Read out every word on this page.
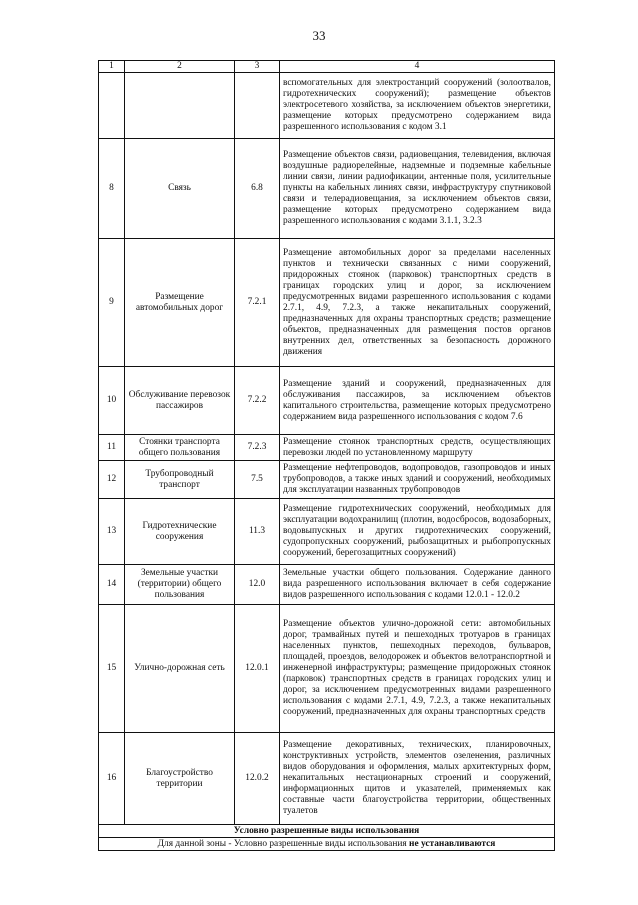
33
1	2	3	4
			вспомогательных для электростанций сооружений (золоотвалов, гидротехнических сооружений); размещение объектов электросетевого хозяйства, за исключением объектов энергетики, размещение которых предусмотрено содержанием вида разрешенного использования с кодом 3.1
8	Связь	6.8	Размещение объектов связи, радиовещания, телевидения, включая воздушные радиорелейные, надземные и подземные кабельные линии связи, линии радиофикации, антенные поля, усилительные пункты на кабельных линиях связи, инфраструктуру спутниковой связи и телерадиовещания, за исключением объектов связи, размещение которых предусмотрено содержанием вида разрешенного использования с кодами 3.1.1, 3.2.3
9	Размещение автомобильных дорог	7.2.1	Размещение автомобильных дорог за пределами населенных пунктов и технически связанных с ними сооружений, придорожных стоянок (парковок) транспортных средств в границах городских улиц и дорог, за исключением предусмотренных видами разрешенного использования с кодами 2.7.1, 4.9, 7.2.3, а также некапитальных сооружений, предназначенных для охраны транспортных средств; размещение объектов, предназначенных для размещения постов органов внутренних дел, ответственных за безопасность дорожного движения
10	Обслуживание перевозок пассажиров	7.2.2	Размещение зданий и сооружений, предназначенных для обслуживания пассажиров, за исключением объектов капитального строительства, размещение которых предусмотрено содержанием вида разрешенного использования с кодом 7.6
11	Стоянки транспорта общего пользования	7.2.3	Размещение стоянок транспортных средств, осуществляющих перевозки людей по установленному маршруту
12	Трубопроводный транспорт	7.5	Размещение нефтепроводов, водопроводов, газопроводов и иных трубопроводов, а также иных зданий и сооружений, необходимых для эксплуатации названных трубопроводов
13	Гидротехнические сооружения	11.3	Размещение гидротехнических сооружений, необходимых для эксплуатации водохранилищ (плотин, водосбросов, водозаборных, водовыпускных и других гидротехнических сооружений, судопропускных сооружений, рыбозащитных и рыбопропускных сооружений, берегозащитных сооружений)
14	Земельные участки (территории) общего пользования	12.0	Земельные участки общего пользования. Содержание данного вида разрешенного использования включает в себя содержание видов разрешенного использования с кодами 12.0.1 - 12.0.2
15	Улично-дорожная сеть	12.0.1	Размещение объектов улично-дорожной сети: автомобильных дорог, трамвайных путей и пешеходных тротуаров в границах населенных пунктов, пешеходных переходов, бульваров, площадей, проездов, велодорожек и объектов велотранспортной и инженерной инфраструктуры; размещение придорожных стоянок (парковок) транспортных средств в границах городских улиц и дорог, за исключением предусмотренных видами разрешенного использования с кодами 2.7.1, 4.9, 7.2.3, а также некапитальных сооружений, предназначенных для охраны транспортных средств
16	Благоустройство территории	12.0.2	Размещение декоративных, технических, планировочных, конструктивных устройств, элементов озеленения, различных видов оборудования и оформления, малых архитектурных форм, некапитальных нестационарных строений и сооружений, информационных щитов и указателей, применяемых как составные части благоустройства территории, общественных туалетов
Условно разрешенные виды использования			
Для данной зоны - Условно разрешенные виды использования не устанавливаются			
